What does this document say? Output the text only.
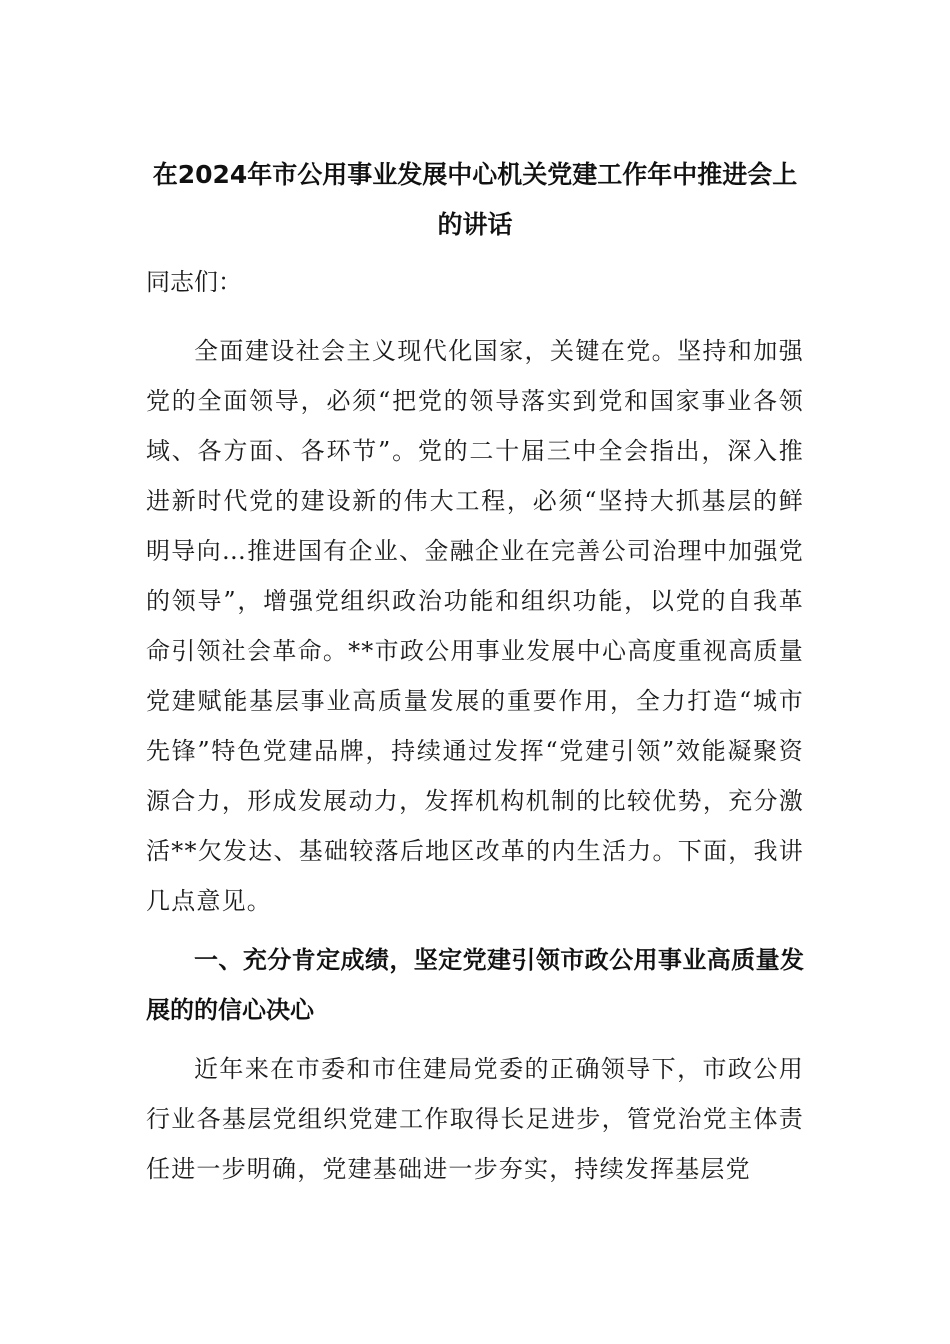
在2024年市公用事业发展中心机关党建工作年中推进会上的讲话

同志们：

全面建设社会主义现代化国家，关键在党。坚持和加强党的全面领导，必须“把党的领导落实到党和国家事业各领域、各方面、各环节”。党的二十届三中全会指出，深入推进新时代党的建设新的伟大工程，必须“坚持大抓基层的鲜明导向…推进国有企业、金融企业在完善公司治理中加强党的领导”，增强党组织政治功能和组织功能，以党的自我革命引领社会革命。**市政公用事业发展中心高度重视高质量党建赋能基层事业高质量发展的重要作用，全力打造“城市先锋”特色党建品牌，持续通过发挥“党建引领”效能凝聚资源合力，形成发展动力，发挥机构机制的比较优势，充分激活**欠发达、基础较落后地区改革的内生活力。下面，我讲几点意见。

一、充分肯定成绩，坚定党建引领市政公用事业高质量发展的的信心决心

近年来在市委和市住建局党委的正确领导下，市政公用行业各基层党组织党建工作取得长足进步，管党治党主体责任进一步明确，党建基础进一步夯实，持续发挥基层党
